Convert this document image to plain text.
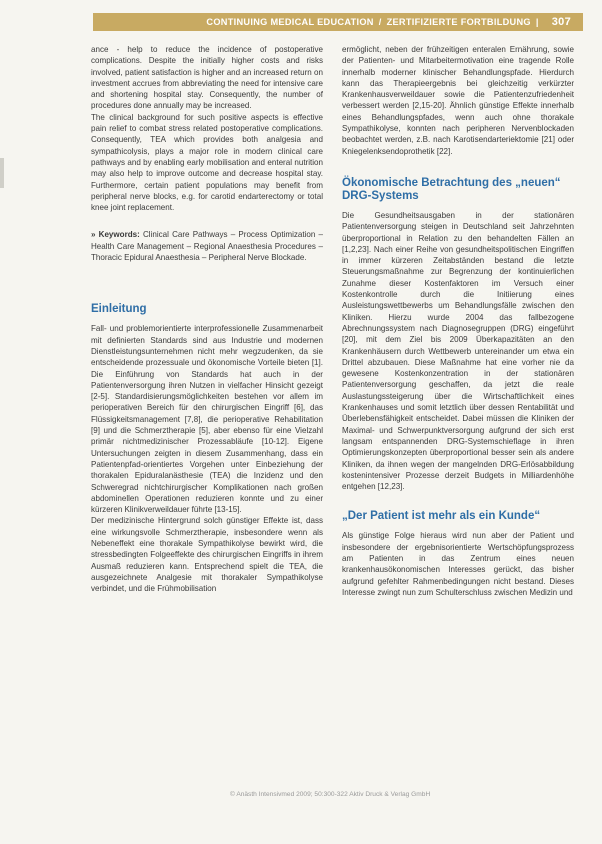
CONTINUING MEDICAL EDUCATION / ZERTIFIZIERTE FORTBILDUNG | 307

ance - help to reduce the incidence of postoperative complications. Despite the initially higher costs and risks involved, patient satisfaction is higher and an increased return on investment accrues from abbreviating the need for intensive care and shortening hospital stay. Consequently, the number of procedures done annually may be increased.

The clinical background for such positive aspects is effective pain relief to combat stress related postoperative complications. Consequently, TEA which provides both analgesia and sympathicolysis, plays a major role in modern clinical care pathways and by enabling early mobilisation and enteral nutrition may also help to improve outcome and decrease hospital stay. Furthermore, certain patient populations may benefit from peripheral nerve blocks, e.g. for carotid endarterectomy or total knee joint replacement.

» Keywords: Clinical Care Pathways – Process Optimization – Health Care Management – Regional Anaesthesia Procedures – Thoracic Epidural Anaesthesia – Peripheral Nerve Blockade.

Einleitung

Fall- und problemorientierte interprofessionelle Zusammenarbeit mit definierten Standards sind aus Industrie und modernen Dienstleistungsunternehmen nicht mehr wegzudenken, da sie entscheidende prozessuale und ökonomische Vorteile bieten [1]. Die Einführung von Standards hat auch in der Patientenversorgung ihren Nutzen in vielfacher Hinsicht gezeigt [2-5]. Standardisierungsmöglichkeiten bestehen vor allem im perioperativen Bereich für den chirurgischen Eingriff [6], das Flüssigkeitsmanagement [7,8], die perioperative Rehabilitation [9] und die Schmerztherapie [5], aber ebenso für eine Vielzahl primär nichtmedizinischer Prozessabläufe [10-12]. Eigene Untersuchungen zeigten in diesem Zusammenhang, dass ein Patientenpfad-orientiertes Vorgehen unter Einbeziehung der thorakalen Epiduralanästhesie (TEA) die Inzidenz und den Schweregrad nichtchirurgischer Komplikationen nach großen abdominellen Operationen reduzieren konnte und zu einer kürzeren Klinikverweildauer führte [13-15].

Der medizinische Hintergrund solch günstiger Effekte ist, dass eine wirkungsvolle Schmerztherapie, insbesondere wenn als Nebeneffekt eine thorakale Sympathikolyse bewirkt wird, die stressbedingten Folgeeffekte des chirurgischen Eingriffs in ihrem Ausmaß reduzieren kann. Entsprechend spielt die TEA, die ausgezeichnete Analgesie mit thorakaler Sympathikolyse verbindet, und die Frühmobilisation

ermöglicht, neben der frühzeitigen enteralen Ernährung, sowie der Patienten- und Mitarbeitermotivation eine tragende Rolle innerhalb moderner klinischer Behandlungspfade. Hierdurch kann das Therapieergebnis bei gleichzeitig verkürzter Krankenhausverweildauer sowie die Patientenzufriedenheit verbessert werden [2,15-20]. Ähnlich günstige Effekte innerhalb eines Behandlungspfades, wenn auch ohne thorakale Sympathikolyse, konnten nach peripheren Nervenblockaden beobachtet werden, z.B. nach Karotisendarteriektomie [21] oder Kniegelenksendoprothetik [22].

Ökonomische Betrachtung des „neuen“ DRG-Systems

Die Gesundheitsausgaben in der stationären Patientenversorgung steigen in Deutschland seit Jahrzehnten überproportional in Relation zu den behandelten Fällen an [1,2,23]. Nach einer Reihe von gesundheitspolitischen Eingriffen in immer kürzeren Zeitabständen bestand die letzte Steuerungsmaßnahme zur Begrenzung der kontinuierlichen Zunahme dieser Kostenfaktoren im Versuch einer Kostenkontrolle durch die Initiierung eines Ausleistungswettbewerbs um Behandlungsfälle zwischen den Kliniken. Hierzu wurde 2004 das fallbezogene Abrechnungssystem nach Diagnosegruppen (DRG) eingeführt [20], mit dem Ziel bis 2009 Überkapazitäten an den Krankenhäusern durch Wettbewerb untereinander um etwa ein Drittel abzubauen. Diese Maßnahme hat eine vorher nie da gewesene Kostenkonzentration in der stationären Patientenversorgung geschaffen, da jetzt die reale Auslastungssteigerung über die Wirtschaftlichkeit eines Krankenhauses und somit letztlich über dessen Rentabilität und Überlebensfähigkeit entscheidet. Dabei müssen die Kliniken der Maximal- und Schwerpunktversorgung aufgrund der sich erst langsam entspannenden DRG-Systemschieflage in ihren Optimierungskonzepten überproportional besser sein als andere Kliniken, da ihnen wegen der mangelnden DRG-Erlösabbildung kostenintensiver Prozesse derzeit Budgets in Milliardenhöhe entgehen [12,23].

„Der Patient ist mehr als ein Kunde“

Als günstige Folge hieraus wird nun aber der Patient und insbesondere der ergebnisorientierte Wertschöpfungsprozess am Patienten in das Zentrum eines neuen krankenhausökonomischen Interesses gerückt, das bisher aufgrund gefehlter Rahmenbedingungen nicht bestand. Dieses Interesse zwingt nun zum Schulterschluss zwischen Medizin und

© Anästh Intensivmed 2009; 50:300-322 Aktiv Druck & Verlag GmbH
